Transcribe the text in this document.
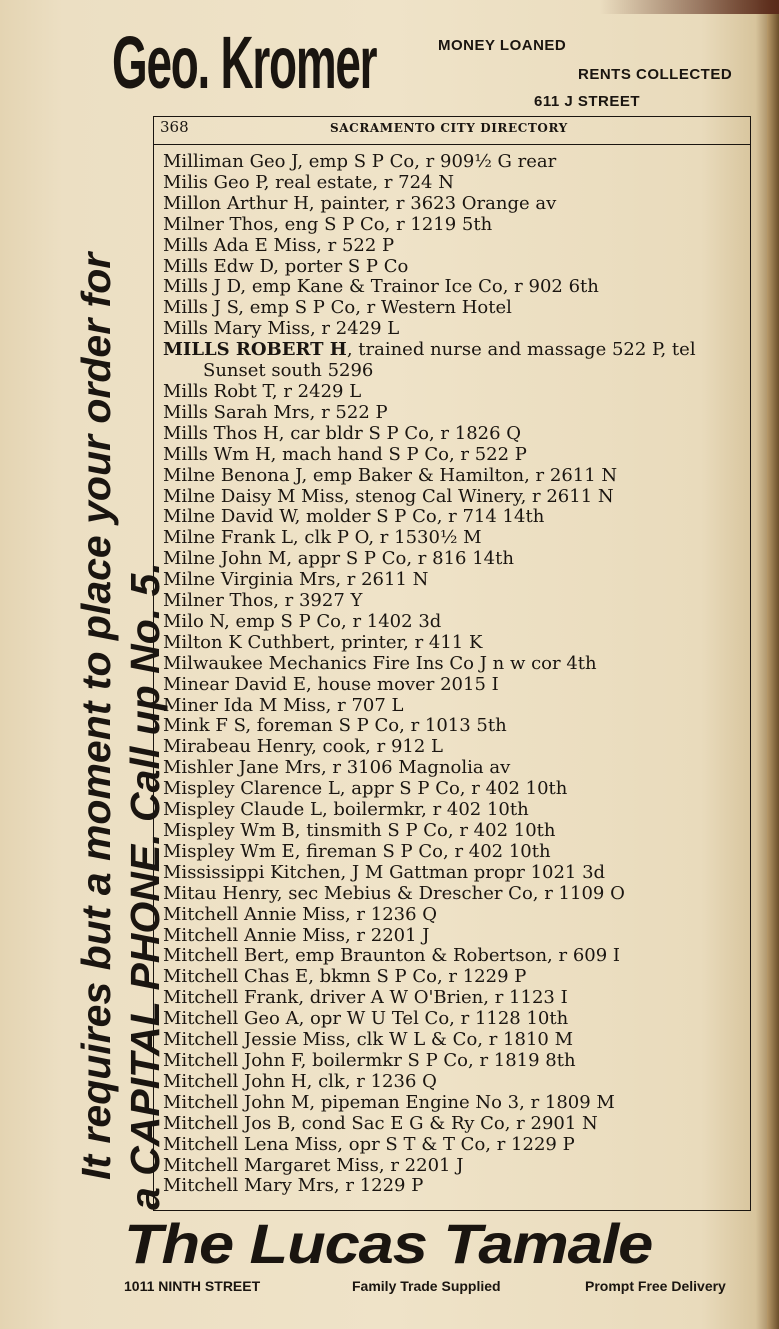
Geo. Kromer	MONEY LOANED
RENTS COLLECTED
611 J STREET
368	SACRAMENTO CITY DIRECTORY
It requires but a moment to place your order for a CAPITAL PHONE. Call up No. 5.
Milliman Geo J, emp S P Co, r 909½ G rear
Milis Geo P, real estate, r 724 N
Millon Arthur H, painter, r 3623 Orange av
Milner Thos, eng S P Co, r 1219 5th
Mills Ada E Miss, r 522 P
Mills Edw D, porter S P Co
Mills J D, emp Kane & Trainor Ice Co, r 902 6th
Mills J S, emp S P Co, r Western Hotel
Mills Mary Miss, r 2429 L
MILLS ROBERT H, trained nurse and massage 522 P, tel
Sunset south 5296
Mills Robt T, r 2429 L
Mills Sarah Mrs, r 522 P
Mills Thos H, car bldr S P Co, r 1826 Q
Mills Wm H, mach hand S P Co, r 522 P
Milne Benona J, emp Baker & Hamilton, r 2611 N
Milne Daisy M Miss, stenog Cal Winery, r 2611 N
Milne David W, molder S P Co, r 714 14th
Milne Frank L, clk P O, r 1530½ M
Milne John M, appr S P Co, r 816 14th
Milne Virginia Mrs, r 2611 N
Milner Thos, r 3927 Y
Milo N, emp S P Co, r 1402 3d
Milton K Cuthbert, printer, r 411 K
Milwaukee Mechanics Fire Ins Co J n w cor 4th
Minear David E, house mover 2015 I
Miner Ida M Miss, r 707 L
Mink F S, foreman S P Co, r 1013 5th
Mirabeau Henry, cook, r 912 L
Mishler Jane Mrs, r 3106 Magnolia av
Mispley Clarence L, appr S P Co, r 402 10th
Mispley Claude L, boilermkr, r 402 10th
Mispley Wm B, tinsmith S P Co, r 402 10th
Mispley Wm E, fireman S P Co, r 402 10th
Mississippi Kitchen, J M Gattman propr 1021 3d
Mitau Henry, sec Mebius & Drescher Co, r 1109 O
Mitchell Annie Miss, r 1236 Q
Mitchell Annie Miss, r 2201 J
Mitchell Bert, emp Braunton & Robertson, r 609 I
Mitchell Chas E, bkmn S P Co, r 1229 P
Mitchell Frank, driver A W O'Brien, r 1123 I
Mitchell Geo A, opr W U Tel Co, r 1128 10th
Mitchell Jessie Miss, clk W L & Co, r 1810 M
Mitchell John F, boilermkr S P Co, r 1819 8th
Mitchell John H, clk, r 1236 Q
Mitchell John M, pipeman Engine No 3, r 1809 M
Mitchell Jos B, cond Sac E G & Ry Co, r 2901 N
Mitchell Lena Miss, opr S T & T Co, r 1229 P
Mitchell Margaret Miss, r 2201 J
Mitchell Mary Mrs, r 1229 P
The Lucas Tamale
1011 NINTH STREET	Family Trade Supplied	Prompt Free Delivery
